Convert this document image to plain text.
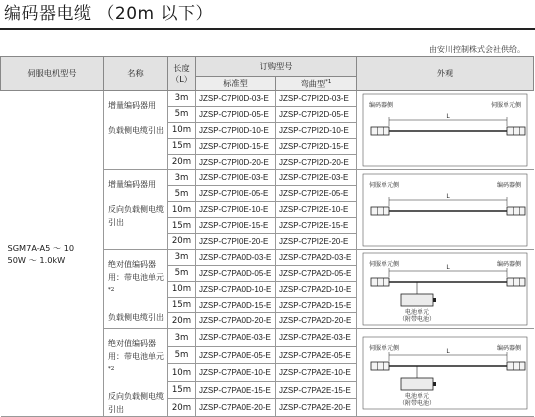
编码器电缆 （20m 以下）
由安川控制株式会社供给。
伺服电机型号	名称	长度
（L）	订购型号		外观
			标准型	弯曲型$^{*1}$
SGM7A-A5 ～ 10
50W ～ 1.0kW	增量编码器用
负载侧电缆引出	3m	JZSP-C7PI0D-03-E	JZSP-C7PI2D-03-E	编码器侧 伺服单元侧
L

		5m	JZSP-C7PI0D-05-E	JZSP-C7PI2D-05-E	
		10m	JZSP-C7PI0D-10-E	JZSP-C7PI2D-10-E	
		15m	JZSP-C7PI0D-15-E	JZSP-C7PI2D-15-E	
		20m	JZSP-C7PI0D-20-E	JZSP-C7PI2D-20-E	
	增量编码器用
反向负载侧电缆引出	3m	JZSP-C7PI0E-03-E	JZSP-C7PI2E-03-E	伺服单元侧 编码器侧
L

		5m	JZSP-C7PI0E-05-E	JZSP-C7PI2E-05-E	
		10m	JZSP-C7PI0E-10-E	JZSP-C7PI2E-10-E	
		15m	JZSP-C7PI0E-15-E	JZSP-C7PI2E-15-E	
		20m	JZSP-C7PI0E-20-E	JZSP-C7PI2E-20-E	
	绝对值编码器用：带电池单元$^{*2}$
负载侧电缆引出	3m	JZSP-C7PA0D-03-E	JZSP-C7PA2D-03-E	伺服单元侧 编码器侧
L
电池单元
（附带电池）

		5m	JZSP-C7PA0D-05-E	JZSP-C7PA2D-05-E	
		10m	JZSP-C7PA0D-10-E	JZSP-C7PA2D-10-E	
		15m	JZSP-C7PA0D-15-E	JZSP-C7PA2D-15-E	
		20m	JZSP-C7PA0D-20-E	JZSP-C7PA2D-20-E	
	绝对值编码器用：带电池单元$^{*2}$
反向负载侧电缆引出	3m	JZSP-C7PA0E-03-E	JZSP-C7PA2E-03-E	伺服单元侧 编码器侧
L
电池单元
（附带电池）

		5m	JZSP-C7PA0E-05-E	JZSP-C7PA2E-05-E	
		10m	JZSP-C7PA0E-10-E	JZSP-C7PA2E-10-E	
		15m	JZSP-C7PA0E-15-E	JZSP-C7PA2E-15-E	
		20m	JZSP-C7PA0E-20-E	JZSP-C7PA2E-20-E	
